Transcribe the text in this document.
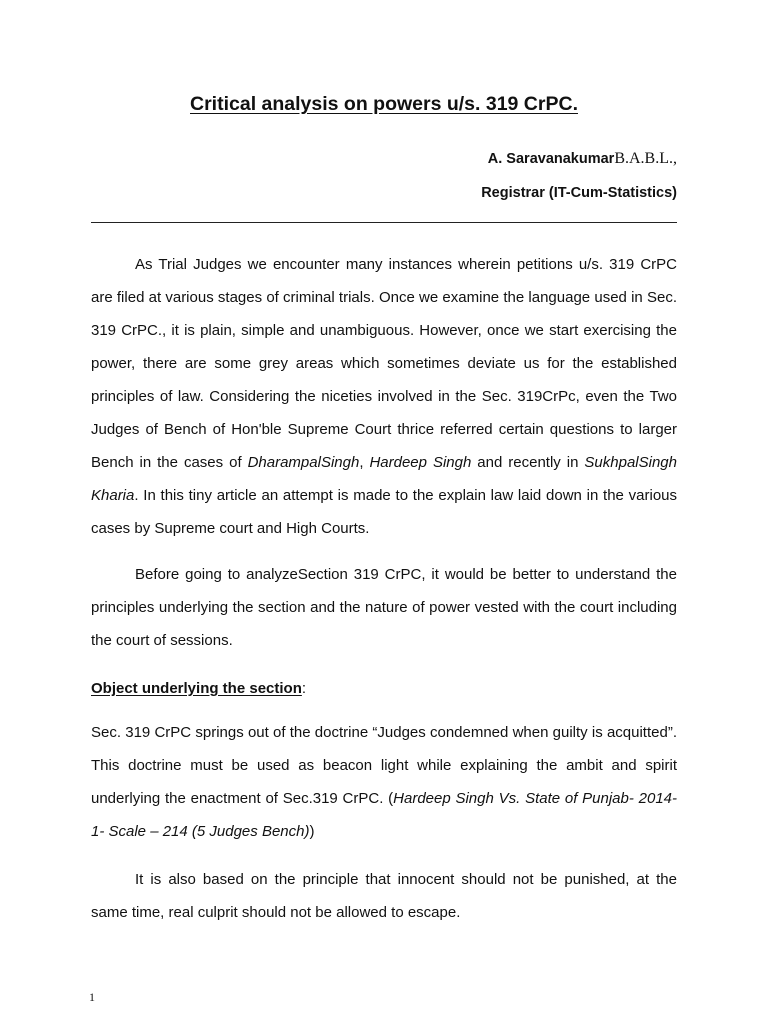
Critical analysis on powers u/s. 319 CrPC.
A. SaravanakumarB.A.B.L.,
Registrar (IT-Cum-Statistics)

As Trial Judges we encounter many instances wherein petitions u/s. 319 CrPC are filed at various stages of criminal trials. Once we examine the language used in Sec. 319 CrPC., it is plain, simple and unambiguous. However, once we start exercising the power, there are some grey areas which sometimes deviate us for the established principles of law. Considering the niceties involved in the Sec. 319CrPc, even the Two Judges of Bench of Hon'ble Supreme Court thrice referred certain questions to larger Bench in the cases of DharampalSingh, Hardeep Singh and recently in SukhpalSingh Kharia. In this tiny article an attempt is made to the explain law laid down in the various cases by Supreme court and High Courts.

Before going to analyzeSection 319 CrPC, it would be better to understand the principles underlying the section and the nature of power vested with the court including the court of sessions.

Object underlying the section:

Sec. 319 CrPC springs out of the doctrine “Judges condemned when guilty is acquitted”. This doctrine must be used as beacon light while explaining the ambit and spirit underlying the enactment of Sec.319 CrPC. (Hardeep Singh Vs. State of Punjab- 2014- 1- Scale – 214 (5 Judges Bench))

It is also based on the principle that innocent should not be punished, at the same time, real culprit should not be allowed to escape.

1
